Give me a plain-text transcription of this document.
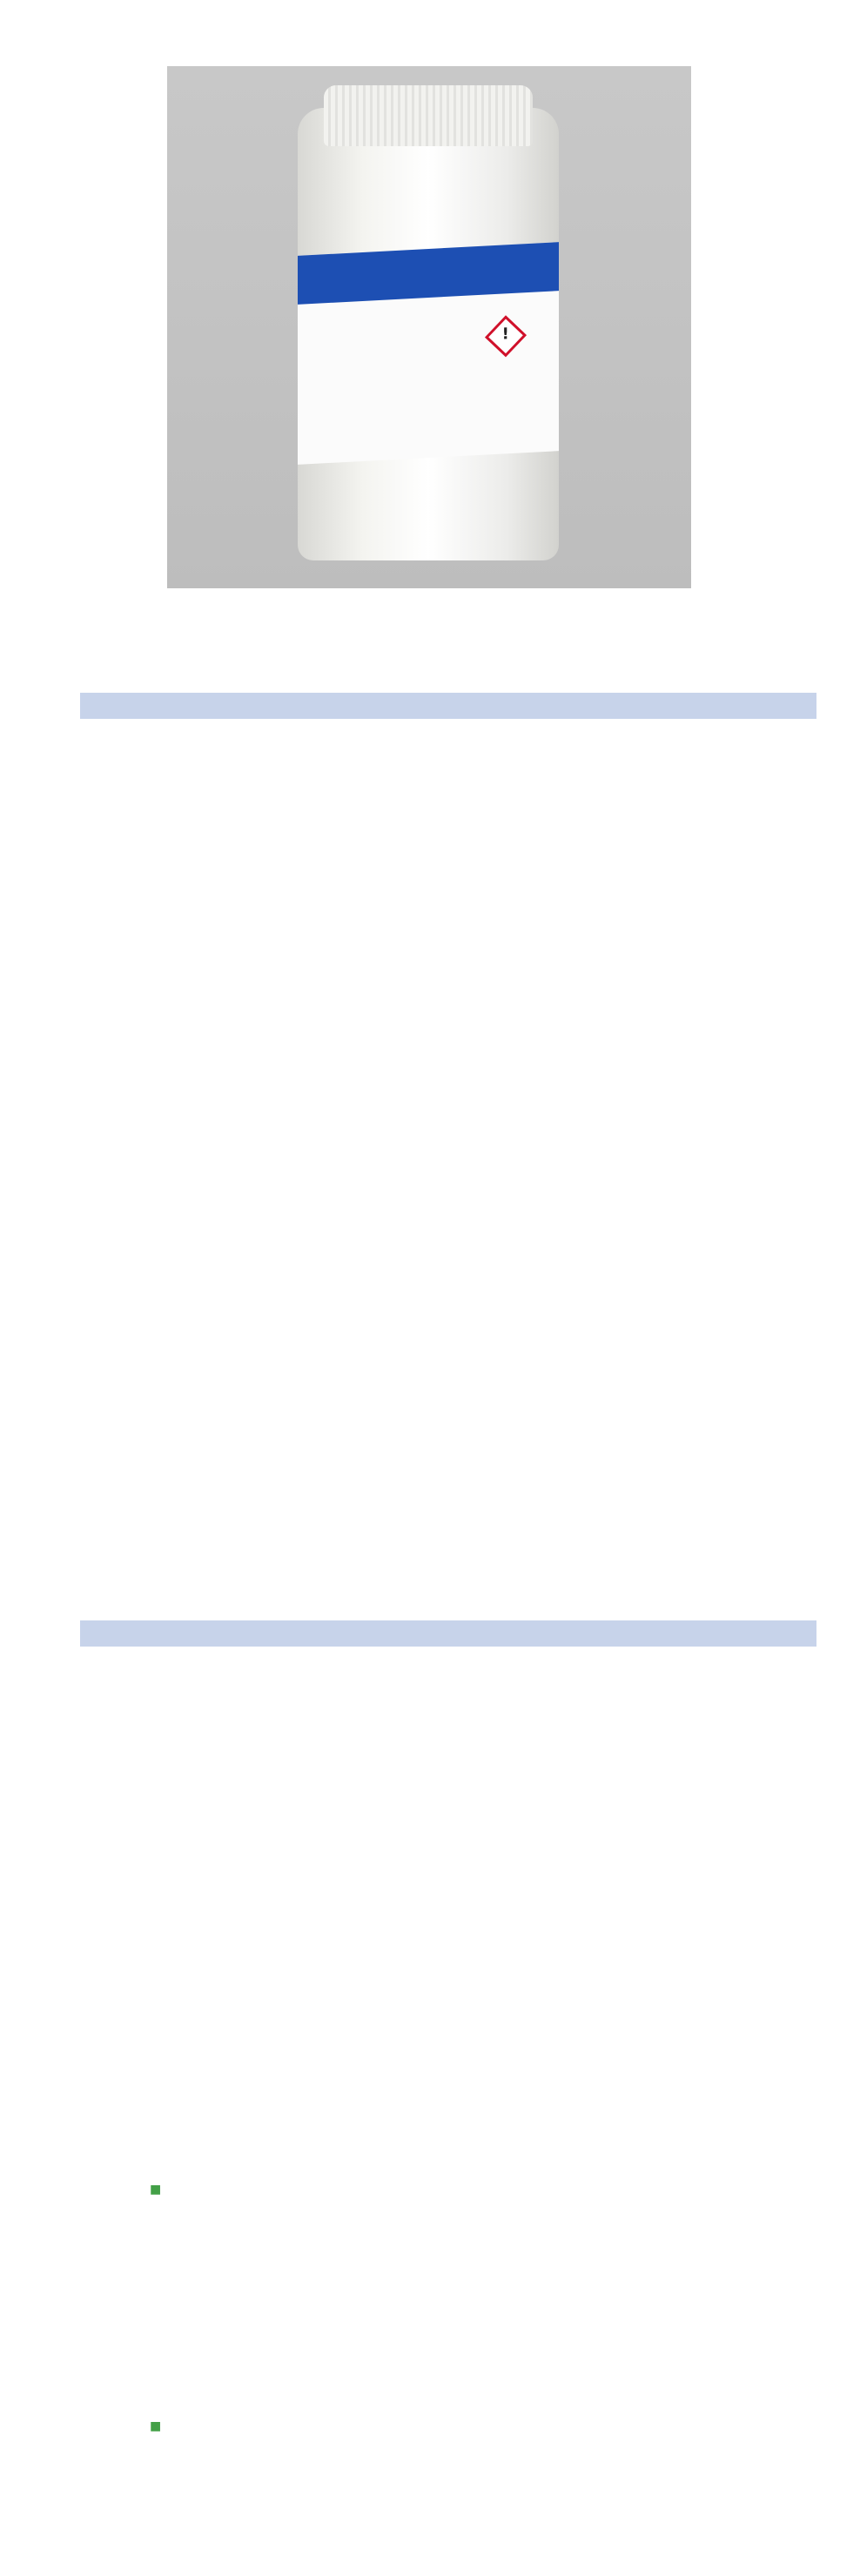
!
■
■
